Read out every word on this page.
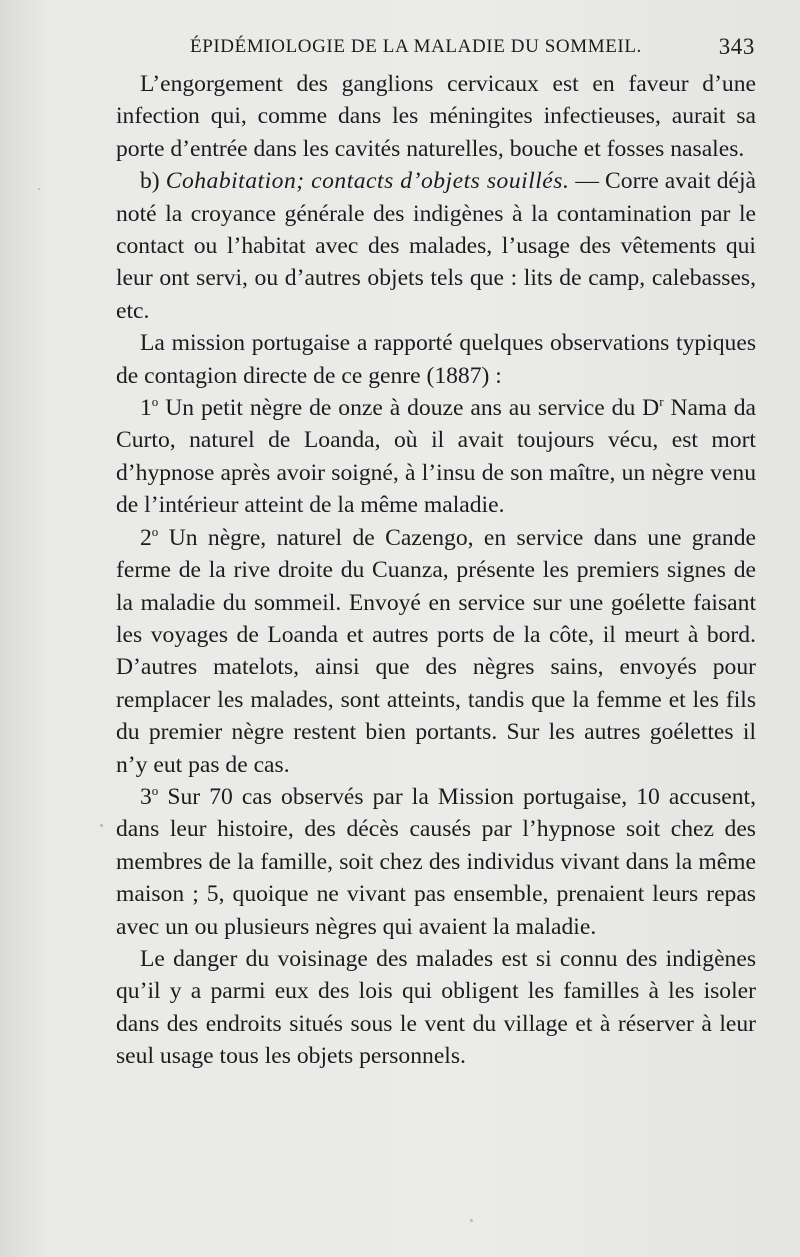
ÉPIDÉMIOLOGIE DE LA MALADIE DU SOMMEIL.	343

L’engorgement des ganglions cervicaux est en faveur d’une infection qui, comme dans les méningites infectieuses, aurait sa porte d’entrée dans les cavités naturelles, bouche et fosses nasales.

b) Cohabitation; contacts d’objets souillés. — Corre avait déjà noté la croyance générale des indigènes à la contamination par le contact ou l’habitat avec des malades, l’usage des vêtements qui leur ont servi, ou d’autres objets tels que : lits de camp, calebasses, etc.

La mission portugaise a rapporté quelques observations typiques de contagion directe de ce genre (1887) :

1$^o$ Un petit nègre de onze à douze ans au service du $D^r$ Nama da Curto, naturel de Loanda, où il avait toujours vécu, est mort d’hypnose après avoir soigné, à l’insu de son maître, un nègre venu de l’intérieur atteint de la même maladie.

2$^o$ Un nègre, naturel de Cazengo, en service dans une grande ferme de la rive droite du Cuanza, présente les premiers signes de la maladie du sommeil. Envoyé en service sur une goélette faisant les voyages de Loanda et autres ports de la côte, il meurt à bord. D’autres matelots, ainsi que des nègres sains, envoyés pour remplacer les malades, sont atteints, tandis que la femme et les fils du premier nègre restent bien portants. Sur les autres goélettes il n’y eut pas de cas.

3$^o$ Sur 70 cas observés par la Mission portugaise, 10 accusent, dans leur histoire, des décès causés par l’hypnose soit chez des membres de la famille, soit chez des individus vivant dans la même maison ; 5, quoique ne vivant pas ensemble, prenaient leurs repas avec un ou plusieurs nègres qui avaient la maladie.

Le danger du voisinage des malades est si connu des indigènes qu’il y a parmi eux des lois qui obligent les familles à les isoler dans des endroits situés sous le vent du village et à réserver à leur seul usage tous les objets personnels.
